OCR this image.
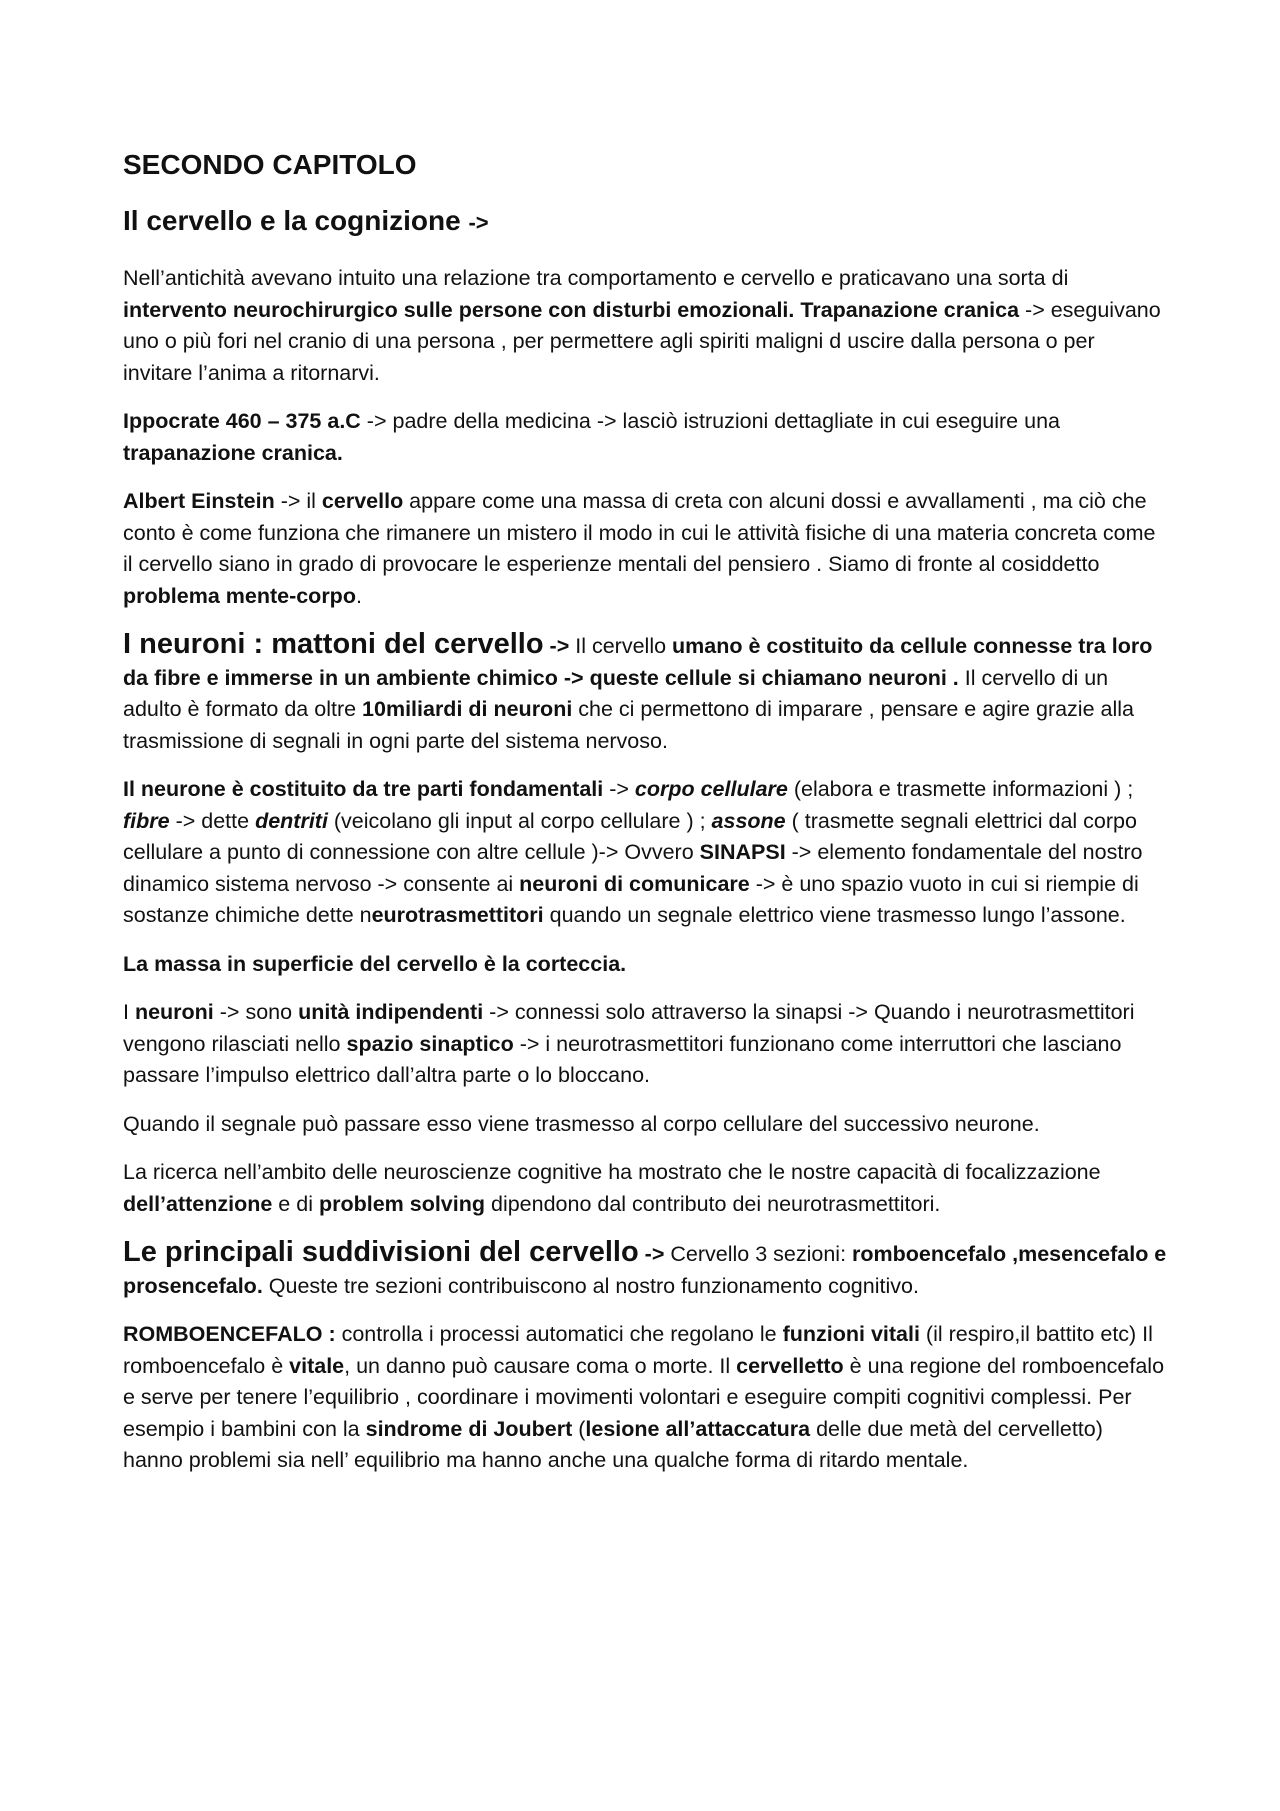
SECONDO CAPITOLO
Il cervello e la cognizione ->

Nell’antichità avevano intuito una relazione tra comportamento e cervello e praticavano una sorta di intervento neurochirurgico sulle persone con disturbi emozionali. Trapanazione cranica -> eseguivano uno o più fori nel cranio di una persona , per permettere agli spiriti maligni d uscire dalla persona o per invitare l’anima a ritornarvi.

Ippocrate 460 – 375 a.C -> padre della medicina -> lasciò istruzioni dettagliate in cui eseguire una trapanazione cranica.

Albert Einstein -> il cervello appare come una massa di creta con alcuni dossi e avvallamenti , ma ciò che conto è come funziona che rimanere un mistero il modo in cui le attività fisiche di una materia concreta come il cervello siano in grado di provocare le esperienze mentali del pensiero . Siamo di fronte al cosiddetto problema mente-corpo.

I neuroni : mattoni del cervello -> Il cervello umano è costituito da cellule connesse tra loro da fibre e immerse in un ambiente chimico -> queste cellule si chiamano neuroni . Il cervello di un adulto è formato da oltre 10miliardi di neuroni che ci permettono di imparare , pensare e agire grazie alla trasmissione di segnali in ogni parte del sistema nervoso.

Il neurone è costituito da tre parti fondamentali -> corpo cellulare (elabora e trasmette informazioni ) ; fibre -> dette dentriti (veicolano gli input al corpo cellulare ) ; assone ( trasmette segnali elettrici dal corpo cellulare a punto di connessione con altre cellule )-> Ovvero SINAPSI -> elemento fondamentale del nostro dinamico sistema nervoso -> consente ai neuroni di comunicare -> è uno spazio vuoto in cui si riempie di sostanze chimiche dette neurotrasmettitori quando un segnale elettrico viene trasmesso lungo l’assone.

La massa in superficie del cervello è la corteccia.

I neuroni -> sono unità indipendenti -> connessi solo attraverso la sinapsi -> Quando i neurotrasmettitori vengono rilasciati nello spazio sinaptico -> i neurotrasmettitori funzionano come interruttori che lasciano passare l’impulso elettrico dall’altra parte o lo bloccano.

Quando il segnale può passare esso viene trasmesso al corpo cellulare del successivo neurone.

La ricerca nell’ambito delle neuroscienze cognitive ha mostrato che le nostre capacità di focalizzazione dell’attenzione e di problem solving dipendono dal contributo dei neurotrasmettitori.

Le principali suddivisioni del cervello -> Cervello 3 sezioni: romboencefalo ,mesencefalo e prosencefalo. Queste tre sezioni contribuiscono al nostro funzionamento cognitivo.

ROMBOENCEFALO : controlla i processi automatici che regolano le funzioni vitali (il respiro,il battito etc) Il romboencefalo è vitale, un danno può causare coma o morte. Il cervelletto è una regione del romboencefalo e serve per tenere l’equilibrio , coordinare i movimenti volontari e eseguire compiti cognitivi complessi. Per esempio i bambini con la sindrome di Joubert (lesione all’attaccatura delle due metà del cervelletto) hanno problemi sia nell’ equilibrio ma hanno anche una qualche forma di ritardo mentale.
